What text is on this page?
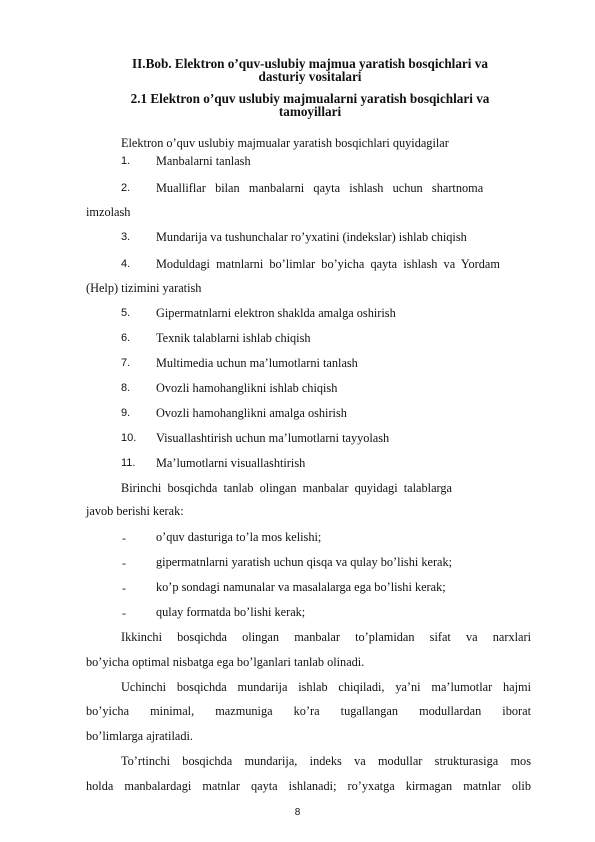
II.Bob. Elektron o’quv-uslubiy majmua yaratish bosqichlari va
dasturiy vositalari
2.1 Elektron o’quv uslubiy majmualarni yaratish bosqichlari va
tamoyillari
Elektron o’quv uslubiy majmualar yaratish bosqichlari quyidagilar
1. Manbalarni tanlash
2. Mualliflar   bilan   manbalarni   qayta   ishlash   uchun   shartnoma
imzolash
3. Mundarija va tushunchalar ro’yxatini (indekslar) ishlab chiqish
4. Moduldagi  matnlarni  bo’limlar  bo’yicha  qayta  ishlash  va  Yordam
(Help) tizimini yaratish
5. Gipermatnlarni elektron shaklda amalga oshirish
6. Texnik talablarni ishlab chiqish
7. Multimedia uchun ma’lumotlarni tanlash
8. Ovozli hamohanglikni ishlab chiqish
9. Ovozli hamohanglikni amalga oshirish
10. Visuallashtirish uchun ma’lumotlarni tayyolash
11. Ma’lumotlarni visuallashtirish
Birinchi  bosqichda  tanlab  olingan  manbalar  quyidagi  talablarga
javob berishi kerak:
- o’quv dasturiga to’la mos kelishi;
- gipermatnlarni yaratish uchun qisqa va qulay bo’lishi kerak;
- ko’p sondagi namunalar va masalalarga ega bo’lishi kerak;
- qulay formatda bo’lishi kerak;
Ikkinchi bosqichda olingan manbalar to’plamidan sifat va narxlari
bo’yicha optimal nisbatga ega bo’lganlari tanlab olinadi.
Uchinchi bosqichda mundarija ishlab chiqiladi, ya’ni ma’lumotlar hajmi
bo’yicha minimal, mazmuniga ko’ra tugallangan modullardan iborat
bo’limlarga ajratiladi.
To’rtinchi bosqichda mundarija, indeks va modullar strukturasiga mos
holda manbalardagi matnlar qayta ishlanadi; ro’yxatga kirmagan matnlar olib
8
